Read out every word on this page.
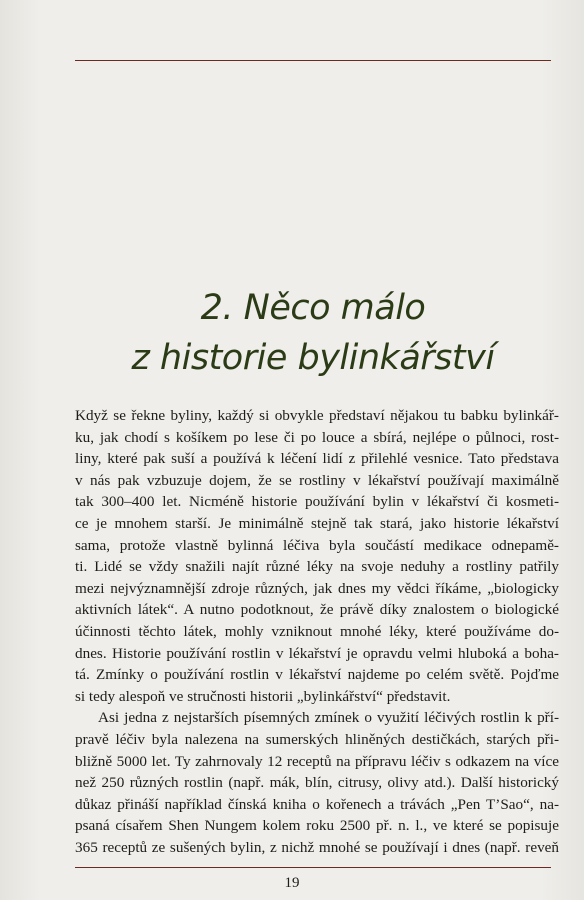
2. Něco málo
z historie bylinkářství
Když se řekne byliny, každý si obvykle představí nějakou tu babku bylinkář-
ku, jak chodí s košíkem po lese či po louce a sbírá, nejlépe o půlnoci, rost-
liny, které pak suší a používá k léčení lidí z přilehlé vesnice. Tato představa
v nás pak vzbuzuje dojem, že se rostliny v lékařství používají maximálně
tak 300–400 let. Nicméně historie používání bylin v lékařství či kosmeti-
ce je mnohem starší. Je minimálně stejně tak stará, jako historie lékařství
sama, protože vlastně bylinná léčiva byla součástí medikace odnepamě-
ti. Lidé se vždy snažili najít různé léky na svoje neduhy a rostliny patřily
mezi nejvýznamnější zdroje různých, jak dnes my vědci říkáme, „biologicky
aktivních látek“. A nutno podotknout, že právě díky znalostem o biologické
účinnosti těchto látek, mohly vzniknout mnohé léky, které používáme do-
dnes. Historie používání rostlin v lékařství je opravdu velmi hluboká a boha-
tá. Zmínky o používání rostlin v lékařství najdeme po celém světě. Pojďme
si tedy alespoň ve stručnosti historii „bylinkářství“ představit.
Asi jedna z nejstarších písemných zmínek o využití léčivých rostlin k pří-
pravě léčiv byla nalezena na sumerských hliněných destičkách, starých při-
bližně 5000 let. Ty zahrnovaly 12 receptů na přípravu léčiv s odkazem na více
než 250 různých rostlin (např. mák, blín, citrusy, olivy atd.). Další historický
důkaz přináší například čínská kniha o kořenech a trávách „Pen T’Sao“, na-
psaná císařem Shen Nungem kolem roku 2500 př. n. l., ve které se popisuje
365 receptů ze sušených bylin, z nichž mnohé se používají i dnes (např. reveň
19
